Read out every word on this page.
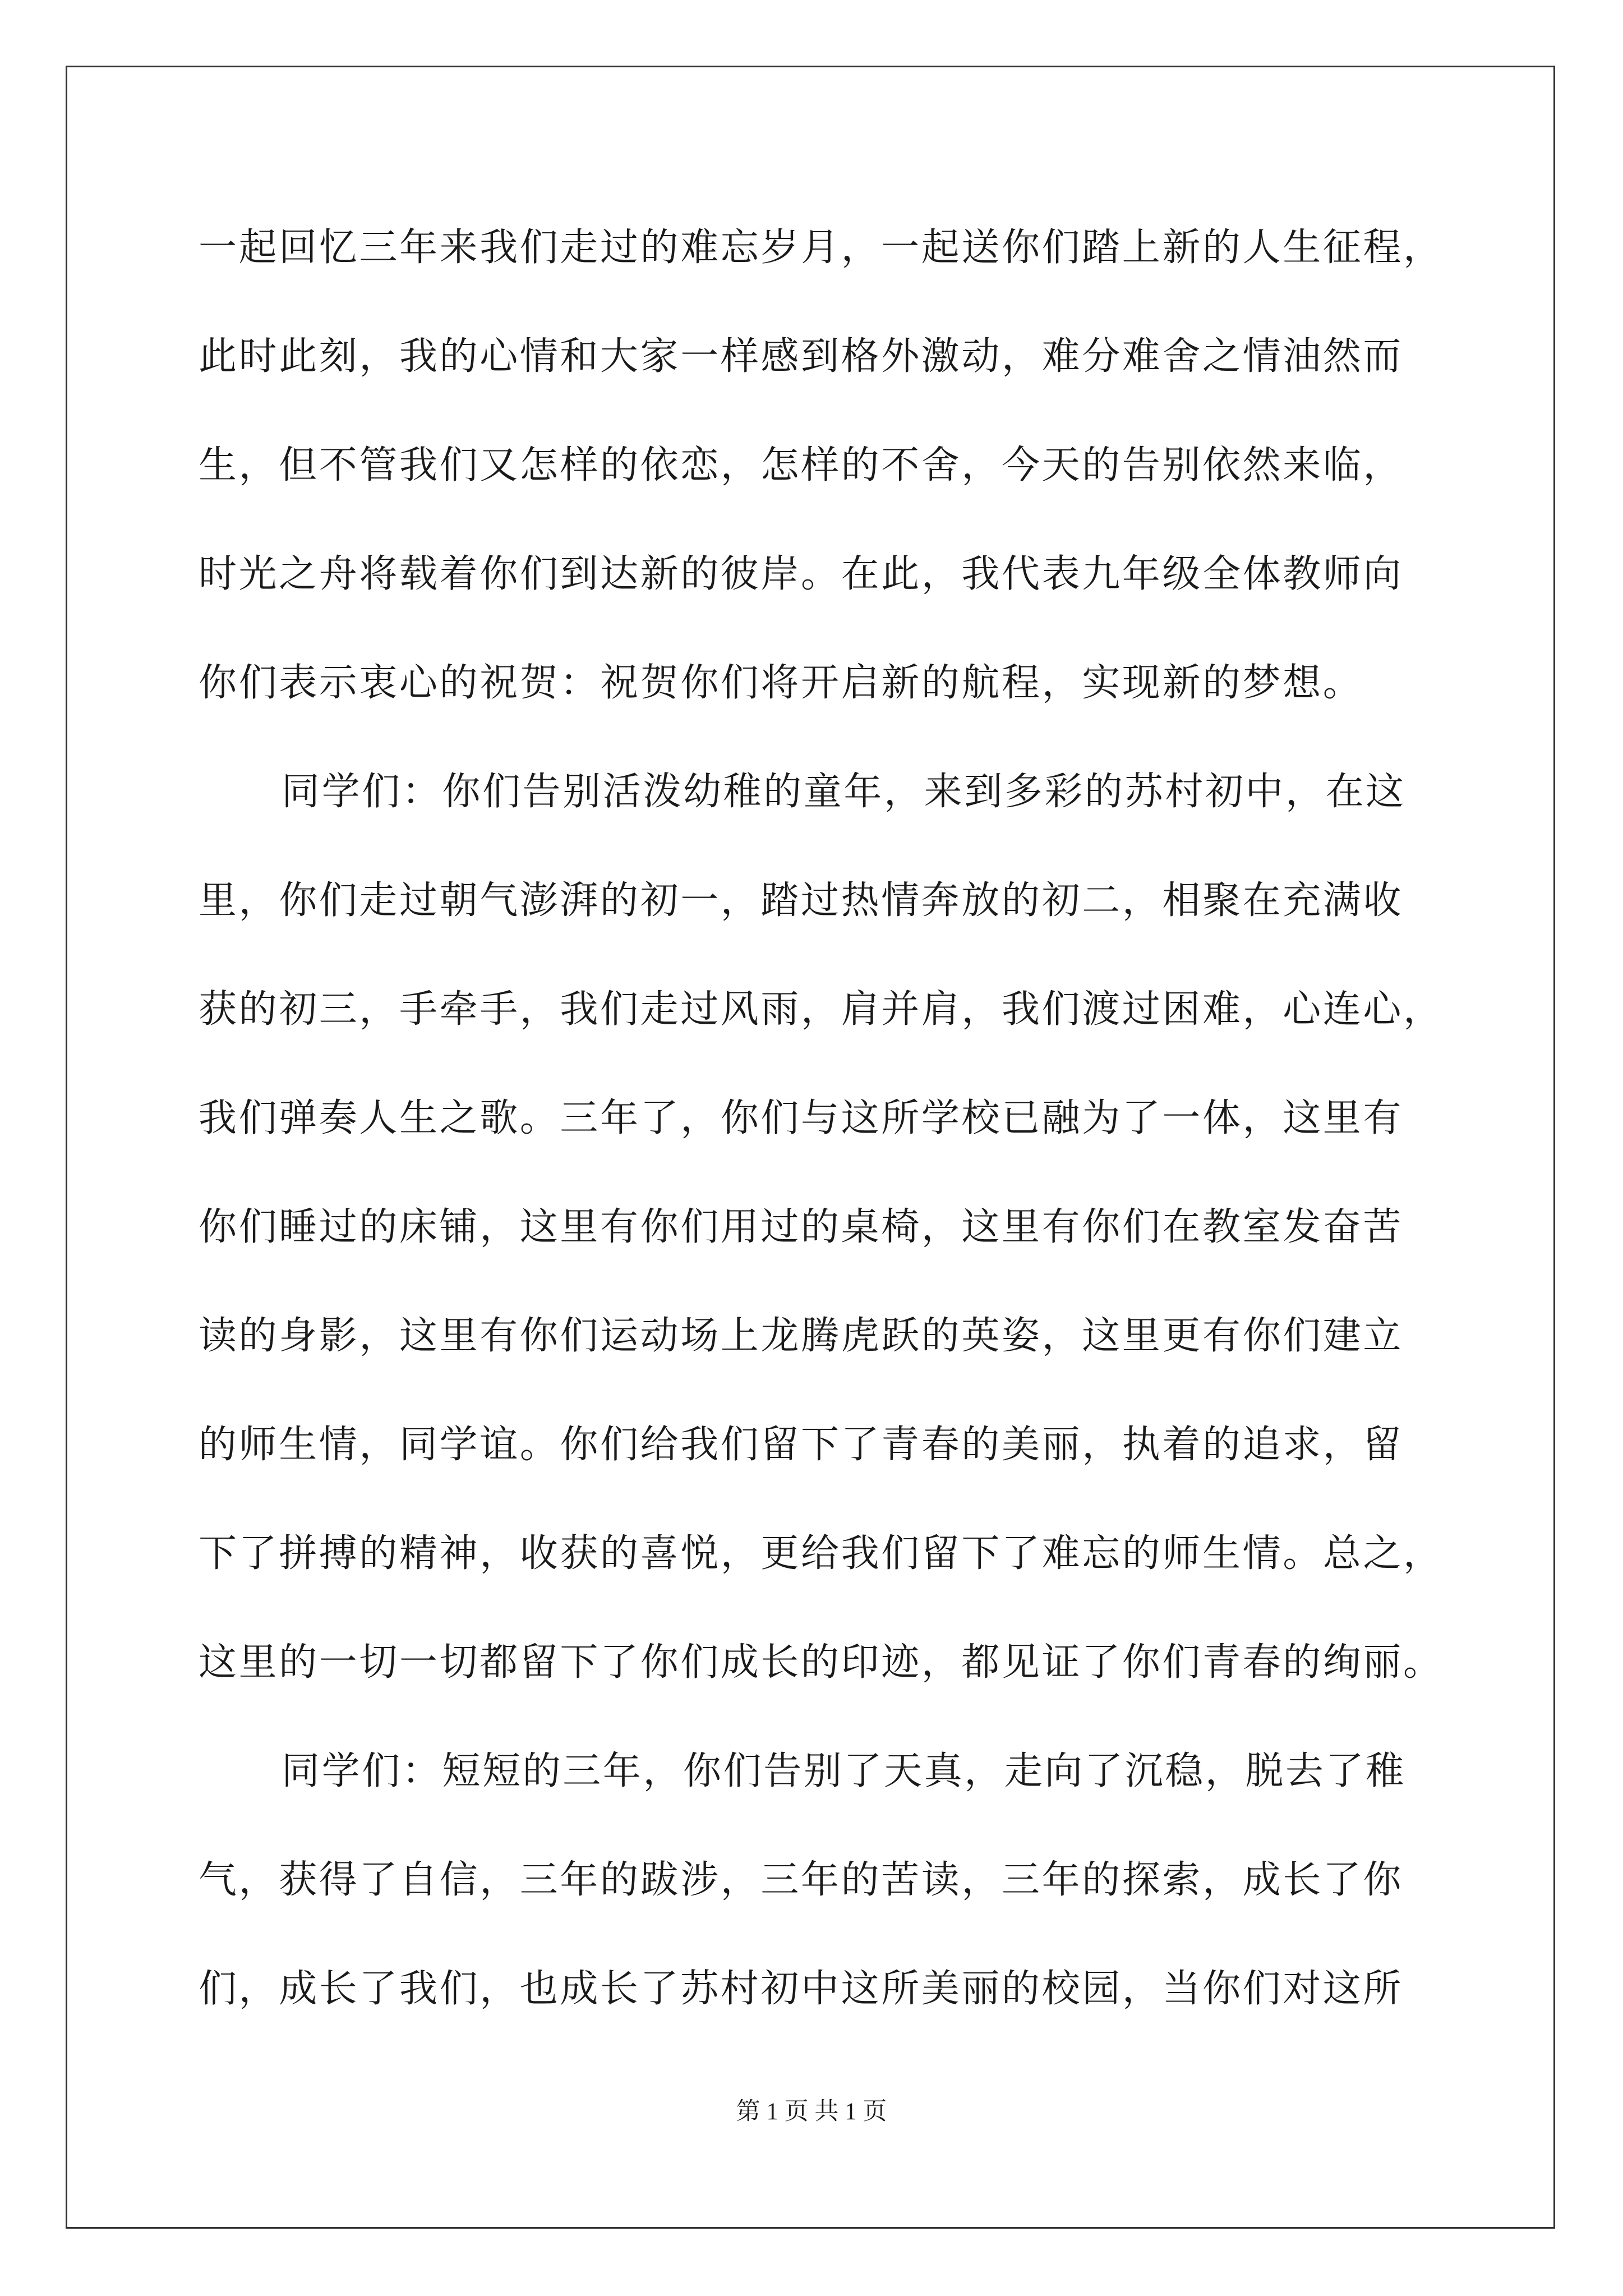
一起回忆三年来我们走过的难忘岁月，一起送你们踏上新的人生征程，
此时此刻，我的心情和大家一样感到格外激动，难分难舍之情油然而
生，但不管我们又怎样的依恋，怎样的不舍，今天的告别依然来临，
时光之舟将载着你们到达新的彼岸。在此，我代表九年级全体教师向
你们表示衷心的祝贺：祝贺你们将开启新的航程，实现新的梦想。
同学们：你们告别活泼幼稚的童年，来到多彩的苏村初中，在这
里，你们走过朝气澎湃的初一，踏过热情奔放的初二，相聚在充满收
获的初三，手牵手，我们走过风雨，肩并肩，我们渡过困难，心连心，
我们弹奏人生之歌。三年了，你们与这所学校已融为了一体，这里有
你们睡过的床铺，这里有你们用过的桌椅，这里有你们在教室发奋苦
读的身影，这里有你们运动场上龙腾虎跃的英姿，这里更有你们建立
的师生情，同学谊。你们给我们留下了青春的美丽，执着的追求，留
下了拼搏的精神，收获的喜悦，更给我们留下了难忘的师生情。总之，
这里的一切一切都留下了你们成长的印迹，都见证了你们青春的绚丽。
同学们：短短的三年，你们告别了天真，走向了沉稳，脱去了稚
气，获得了自信，三年的跋涉，三年的苦读，三年的探索，成长了你
们，成长了我们，也成长了苏村初中这所美丽的校园，当你们对这所
第 1 页 共 1 页
